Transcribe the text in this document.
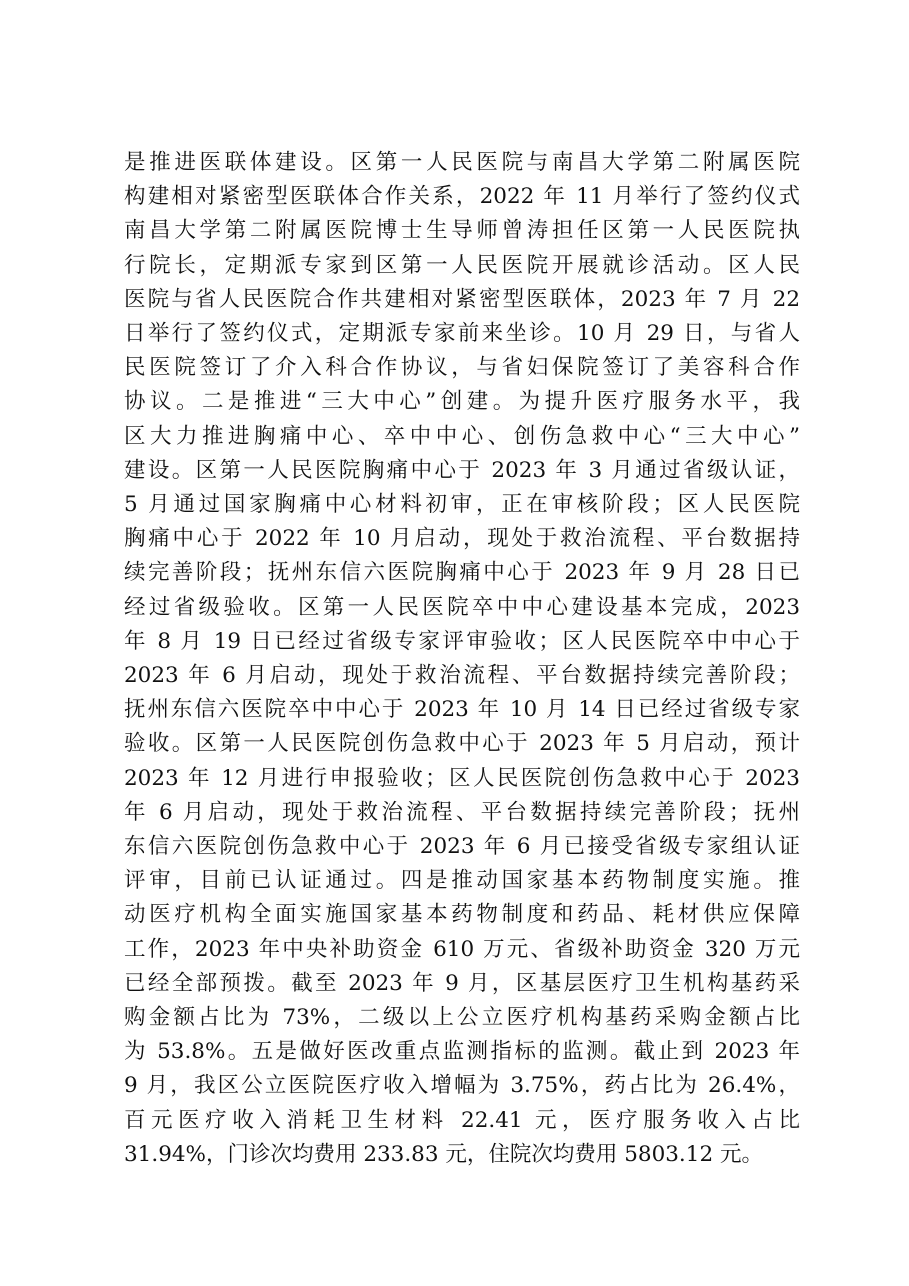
是推进医联体建设。区第一人民医院与南昌大学第二附属医院
构建相对紧密型医联体合作关系，2022 年 11 月举行了签约仪式
南昌大学第二附属医院博士生导师曾涛担任区第一人民医院执
行院长，定期派专家到区第一人民医院开展就诊活动。区人民
医院与省人民医院合作共建相对紧密型医联体，2023 年 7 月 22
日举行了签约仪式，定期派专家前来坐诊。10 月 29 日，与省人
民医院签订了介入科合作协议，与省妇保院签订了美容科合作
协议。二是推进“三大中心”创建。为提升医疗服务水平，我
区大力推进胸痛中心、卒中中心、创伤急救中心“三大中心”
建设。区第一人民医院胸痛中心于 2023 年 3 月通过省级认证，
5 月通过国家胸痛中心材料初审，正在审核阶段；区人民医院
胸痛中心于 2022 年 10 月启动，现处于救治流程、平台数据持
续完善阶段；抚州东信六医院胸痛中心于 2023 年 9 月 28 日已
经过省级验收。区第一人民医院卒中中心建设基本完成，2023
年 8 月 19 日已经过省级专家评审验收；区人民医院卒中中心于
2023 年 6 月启动，现处于救治流程、平台数据持续完善阶段；
抚州东信六医院卒中中心于 2023 年 10 月 14 日已经过省级专家
验收。区第一人民医院创伤急救中心于 2023 年 5 月启动，预计
2023 年 12 月进行申报验收；区人民医院创伤急救中心于 2023
年 6 月启动，现处于救治流程、平台数据持续完善阶段；抚州
东信六医院创伤急救中心于 2023 年 6 月已接受省级专家组认证
评审，目前已认证通过。四是推动国家基本药物制度实施。推
动医疗机构全面实施国家基本药物制度和药品、耗材供应保障
工作，2023 年中央补助资金 610 万元、省级补助资金 320 万元
已经全部预拨。截至 2023 年 9 月，区基层医疗卫生机构基药采
购金额占比为 73%，二级以上公立医疗机构基药采购金额占比
为 53.8%。五是做好医改重点监测指标的监测。截止到 2023 年
9 月，我区公立医院医疗收入增幅为 3.75%，药占比为 26.4%，
百元医疗收入消耗卫生材料 22.41 元，医疗服务收入占比
31.94%，门诊次均费用 233.83 元，住院次均费用 5803.12 元。
